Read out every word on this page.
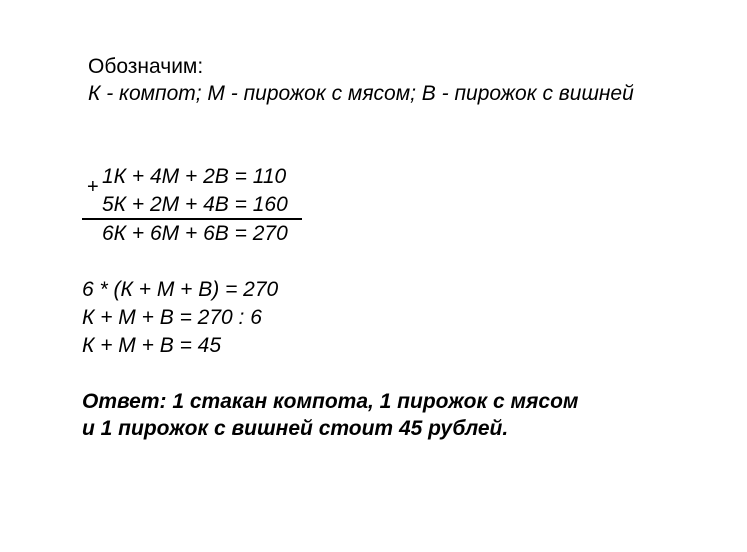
Обозначим:

К - компот; М - пирожок с мясом; В - пирожок с вишней

+ 1К + 4М + 2В = 110

5К + 2М + 4В = 160

6К + 6М + 6В = 270

6 * (К + М + В) = 270

К + М + В = 270 : 6

К + М + В = 45

Ответ: 1 стакан компота, 1 пирожок с мясом

и 1 пирожок с вишней стоит 45 рублей.
